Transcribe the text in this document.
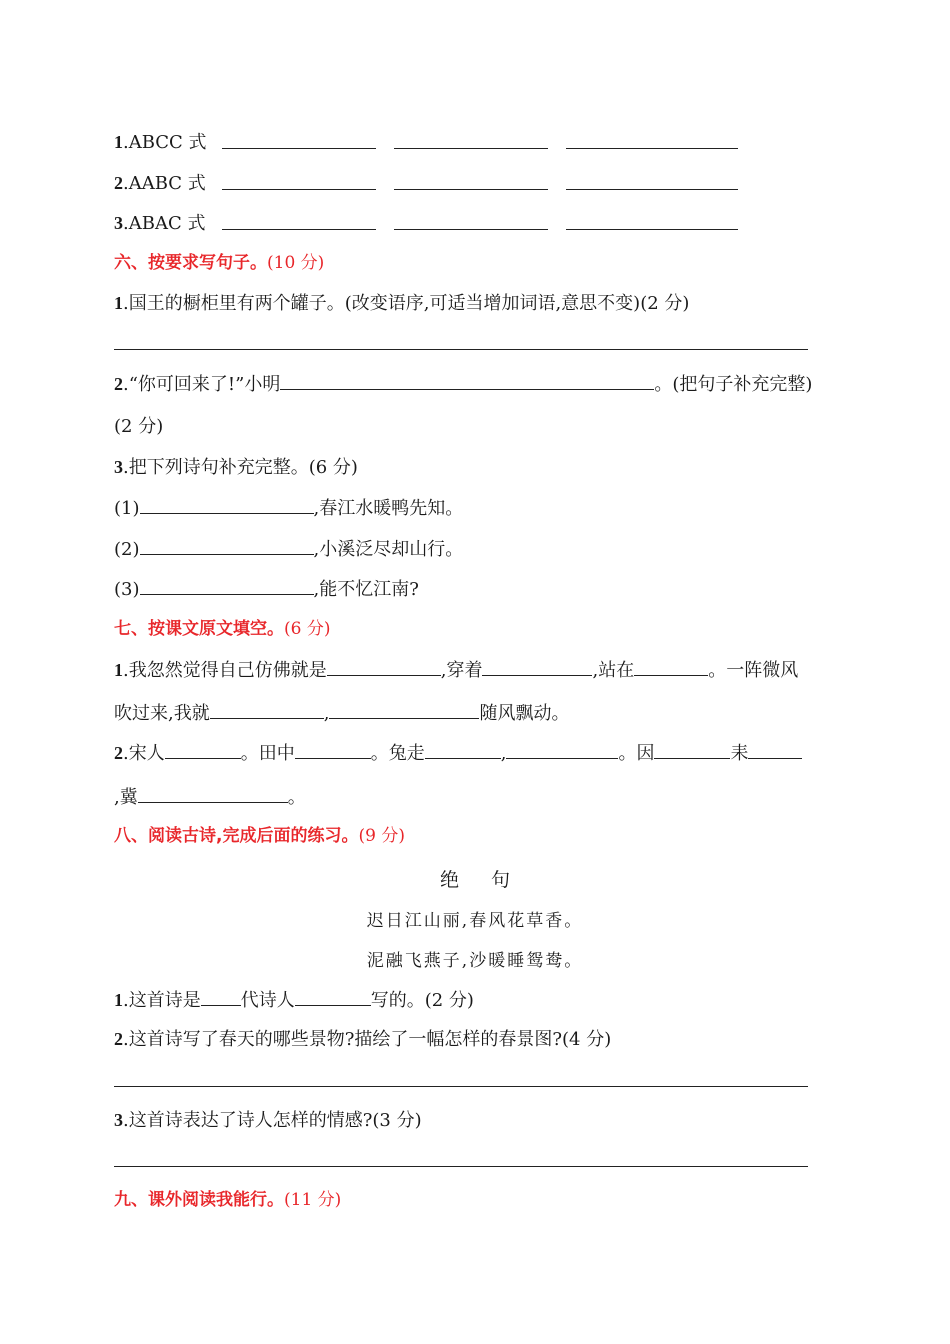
1.ABCC 式
2.AABC 式
3.ABAC 式
六、按要求写句子。(10 分)
1.国王的橱柜里有两个罐子。(改变语序,可适当增加词语,意思不变)(2 分)
2.“你可回来了!”小明	。(把句子补充完整)
(2 分)
3.把下列诗句补充完整。(6 分)
(1)	,春江水暖鸭先知。
(2)	,小溪泛尽却山行。
(3)	,能不忆江南?
七、按课文原文填空。(6 分)
1.我忽然觉得自己仿佛就是	,穿着	,站在	。一阵微风
吹过来,我就	,	随风飘动。
2.宋人	。田中	。兔走	,	。因	耒
,冀	。
八、阅读古诗,完成后面的练习。(9 分)
绝 句
迟日江山丽,春风花草香。
泥融飞燕子,沙暖睡鸳鸯。
1.这首诗是 代诗人	写的。(2 分)
2.这首诗写了春天的哪些景物?描绘了一幅怎样的春景图?(4 分)
3.这首诗表达了诗人怎样的情感?(3 分)
九、课外阅读我能行。(11 分)
